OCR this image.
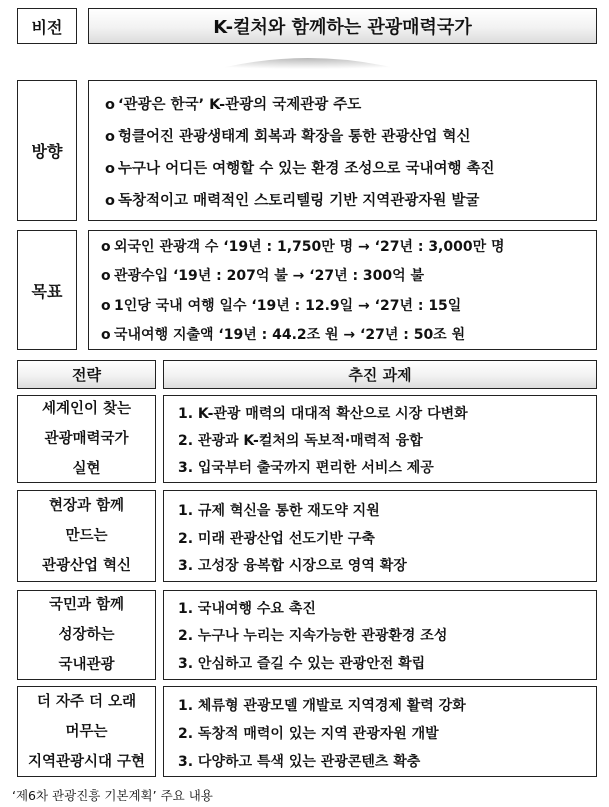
비전	K-컬처와 함께하는 관광매력국가
방향
o ‘관광은 한국’ K-관광의 국제관광 주도
o 헝클어진 관광생태계 회복과 확장을 통한 관광산업 혁신
o 누구나 어디든 여행할 수 있는 환경 조성으로 국내여행 촉진
o 독창적이고 매력적인 스토리텔링 기반 지역관광자원 발굴
목표
o 외국인 관광객 수 ‘19년 : 1,750만 명 → ‘27년 : 3,000만 명
o 관광수입 ‘19년 : 207억 불 → ‘27년 : 300억 불
o 1인당 국내 여행 일수 ‘19년 : 12.9일 → ‘27년 : 15일
o 국내여행 지출액 ‘19년 : 44.2조 원 → ‘27년 : 50조 원
전략	추진 과제
세계인이 찾는
관광매력국가
실현
1. K-관광 매력의 대대적 확산으로 시장 다변화
2. 관광과 K-컬처의 독보적·매력적 융합
3. 입국부터 출국까지 편리한 서비스 제공
현장과 함께
만드는
관광산업 혁신
1. 규제 혁신을 통한 재도약 지원
2. 미래 관광산업 선도기반 구축
3. 고성장 융복합 시장으로 영역 확장
국민과 함께
성장하는
국내관광
1. 국내여행 수요 촉진
2. 누구나 누리는 지속가능한 관광환경 조성
3. 안심하고 즐길 수 있는 관광안전 확립
더 자주 더 오래
머무는
지역관광시대 구현
1. 체류형 관광모델 개발로 지역경제 활력 강화
2. 독창적 매력이 있는 지역 관광자원 개발
3. 다양하고 특색 있는 관광콘텐츠 확충
‘제6차 관광진흥 기본계획’ 주요 내용
